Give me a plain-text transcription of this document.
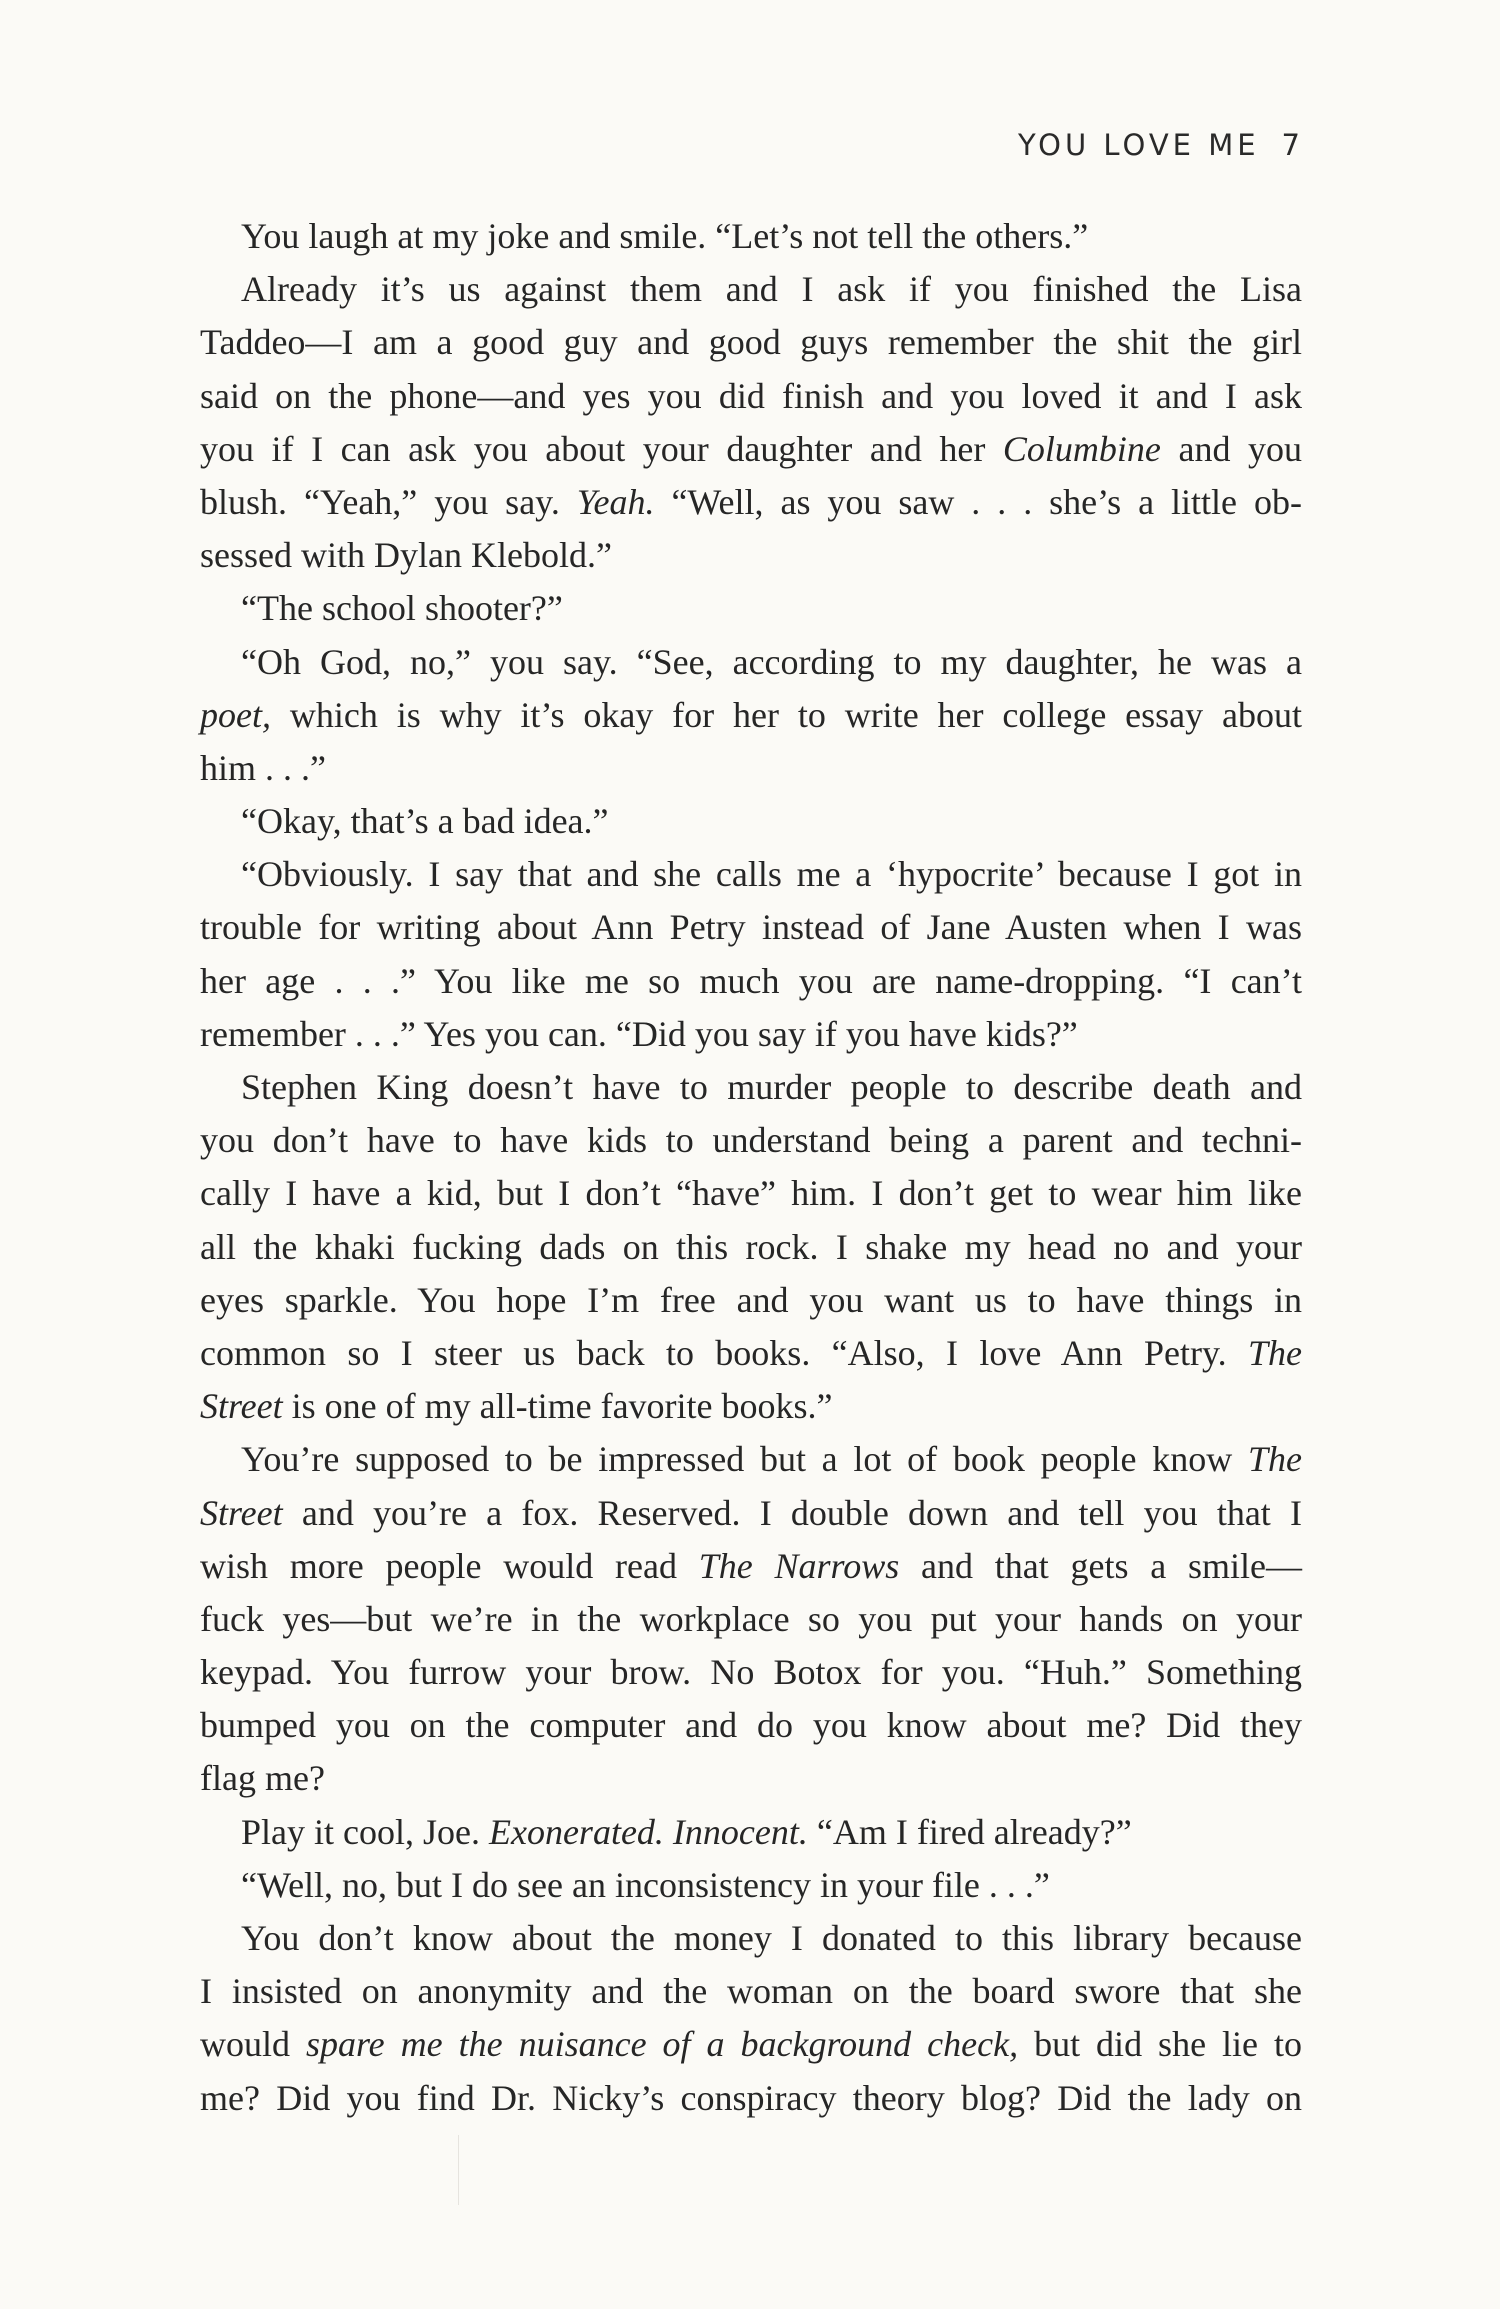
YOU LOVE ME 7
You laugh at my joke and smile. “Let’s not tell the others.”
Already it’s us against them and I ask if you finished the Lisa
Taddeo—I am a good guy and good guys remember the shit the girl
said on the phone—and yes you did finish and you loved it and I ask
you if I can ask you about your daughter and her Columbine and you
blush. “Yeah,” you say. Yeah. “Well, as you saw . . . she’s a little ob-
sessed with Dylan Klebold.”
“The school shooter?”
“Oh God, no,” you say. “See, according to my daughter, he was a
poet, which is why it’s okay for her to write her college essay about
him . . .”
“Okay, that’s a bad idea.”
“Obviously. I say that and she calls me a ‘hypocrite’ because I got in
trouble for writing about Ann Petry instead of Jane Austen when I was
her age . . .” You like me so much you are name-dropping. “I can’t
remember . . .” Yes you can. “Did you say if you have kids?”
Stephen King doesn’t have to murder people to describe death and
you don’t have to have kids to understand being a parent and techni-
cally I have a kid, but I don’t “have” him. I don’t get to wear him like
all the khaki fucking dads on this rock. I shake my head no and your
eyes sparkle. You hope I’m free and you want us to have things in
common so I steer us back to books. “Also, I love Ann Petry. The
Street is one of my all-time favorite books.”
You’re supposed to be impressed but a lot of book people know The
Street and you’re a fox. Reserved. I double down and tell you that I
wish more people would read The Narrows and that gets a smile—
fuck yes—but we’re in the workplace so you put your hands on your
keypad. You furrow your brow. No Botox for you. “Huh.” Something
bumped you on the computer and do you know about me? Did they
flag me?
Play it cool, Joe. Exonerated. Innocent. “Am I fired already?”
“Well, no, but I do see an inconsistency in your file . . .”
You don’t know about the money I donated to this library because
I insisted on anonymity and the woman on the board swore that she
would spare me the nuisance of a background check, but did she lie to
me? Did you find Dr. Nicky’s conspiracy theory blog? Did the lady on
